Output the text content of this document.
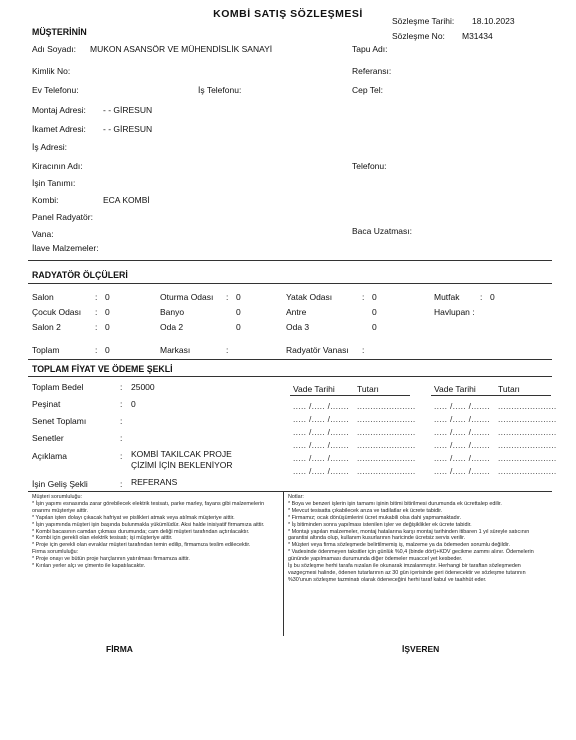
KOMBİ SATIŞ SÖZLEŞMESİ
Sözleşme Tarihi: 18.10.2023
Sözleşme No: M31434
MÜŞTERİNİN
Adı Soyadı: MUKON ASANSÖR VE MÜHENDİSLİK SANAYİ	Tapu Adı:
Kimlik No:	Referansı:
Ev Telefonu:	İş Telefonu:	Cep Tel:
Montaj Adresi: - - GİRESUN
İkamet Adresi: - - GİRESUN
İş Adresi:
Kiracının Adı:	Telefonu:
İşin Tanımı:
Kombi:	ECA KOMBİ
Panel Radyatör:
Vana:	Baca Uzatması:
İlave Malzemeler:
RADYATÖR ÖLÇÜLERİ
Salon	: 0	Oturma Odası : 0	Yatak Odası	: 0	Mutfak : 0
Çocuk Odası : 0	Banyo	0	Antre	0	Havlupan :
Salon 2	: 0	Oda 2	0	Oda 3	0
Toplam	: 0	Markası	:	Radyatör Vanası :
TOPLAM FİYAT VE ÖDEME ŞEKLİ
Toplam Bedel	: 25000
Peşinat	: 0
Senet Toplamı	:
Senetler	:
Açıklama	: KOMBİ TAKILCAK PROJE
ÇİZİMİ İÇİN BEKLENİYOR
İşin Geliş Şekli	: REFERANS
Vade Tarihi	Tutarı	Vade Tarihi	Tutarı
..... /..... /....... ...................... ..... /..... /....... ......................
..... /..... /....... ...................... ..... /..... /....... ......................
..... /..... /....... ...................... ..... /..... /....... ......................
..... /..... /....... ...................... ..... /..... /....... ......................
..... /..... /....... ...................... ..... /..... /....... ......................
..... /..... /....... ...................... ..... /..... /....... ......................
Müşteri sorumluluğu:
* İşin yapımı esnasında zarar görebilecek elektrik tesisatı, parke marley, fayans gibi malzemelerin onarımı müşteriye aittir.
* Yapılan işten dolayı çıkacak hafriyat ve pislikleri atmak veya atılmak müşteriye aittir.
* İşin yapımında müşteri işin başında bulunmakla yükümlüdür. Aksi halde inisiyatif firmamıza aittir.
* Kombi bacasının camdan çıkması durumunda; cam deliği müşteri tarafından açtırılacaktır.
* Kombi için gerekli olan elektrik tesisatı; işi müşteriye aittir.
* Proje için gerekli olan evraklar müşteri tarafından temin edilip, firmamıza teslim edilecektir.
Firma sorumluluğu:
* Proje onayı ve bütün proje harçlarının yatırılması firmamıza aittir.
* Kırılan yerler alçı ve çimento ile kapatılacaktır.
Notlar:
* Boya ve benzeri işlerin işin tamamı işinin bitimi bitirilmesi durumunda ek ücrettalep edilir.
* Mevcut tesisatta çıkabilecek arıza ve tadilatlar ek ücrete tabidir.
* Firmamız; ocak dönüşümlerini ücret mukabili olsa dahi yapmamaktadır.
* İş bitiminden sonra yapılması istenilen işler ve değişiklikler ek ücrete tabidir.
* Montajı yapılan malzemeler, montaj hatalarına karşı montaj tarihinden itibaren 1 yıl süreyle satıcının garantisi altında olup, kullanım kusurlarının haricinde ücretsiz servis verilir.
* Müşteri veya firma sözleşmede belirtilmemiş iş, malzeme ya da ödemeden sorumlu değildir.
* Vadesinde ödenmeyen taksitler için günlük %0,4 (binde dört)+KDV gecikme zammı alınır. Ödemelerin gününde yapılmaması durumunda diğer ödemeler muaccel yet kesbeder.
İş bu sözleşme herhi tarafa nızalan ile okunarak imzalanmıştır. Herhangi bir taraftan sözleşmeden vazgeçmesi halinde, ödenen tutarlarının az 30 gün içerisinde geri ödenecektir ve sözleşme tutarının %30'unun sözleşme tazminatı olarak ödeneceğini herhi taraf kabul ve taahhüt eder.
FİRMA	İŞVEREN
